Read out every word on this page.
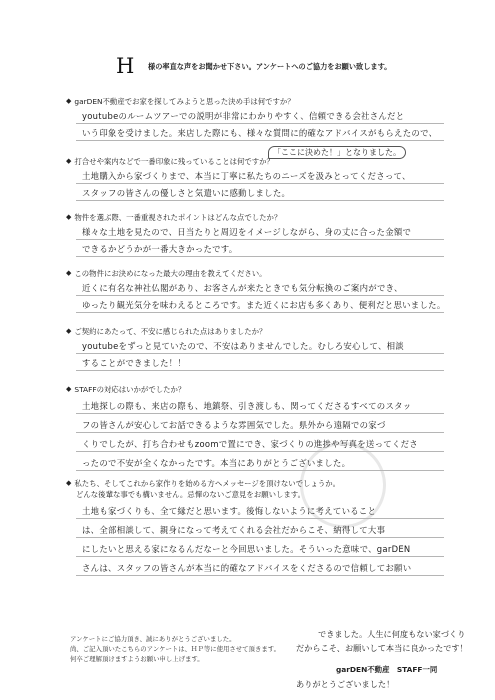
H 様の率直な声をお聞かせ下さい。アンケートへのご協力をお願い致します。
◆ garDEN不動産でお家を探してみようと思った決め手は何ですか？
youtubeのルームツアーでの説明が非常にわかりやすく、信頼できる会社さんだと
いう印象を受けました。来店した際にも、様々な質問に的確なアドバイスがもらえたので、
「ここに決めた！」となりました。
◆ 打合せや案内などで一番印象に残っていることは何ですか？
土地購入から家づくりまで、本当に丁寧に私たちのニーズを汲みとってくださって、
スタッフの皆さんの優しさと気遣いに感動しました。
◆ 物件を選ぶ際、一番重視されたポイントはどんな点でしたか？
様々な土地を見たので、日当たりと周辺をイメージしながら、身の丈に合った金額で
できるかどうかが一番大きかったです。
◆ この物件にお決めになった最大の理由を教えてください。
近くに有名な神社仏閣があり、お客さんが来たときでも気分転換のご案内ができ、
ゆったり観光気分を味わえるところです。また近くにお店も多くあり、便利だと思いました。
◆ ご契約にあたって、不安に感じられた点はありましたか？
youtubeをずっと見ていたので、不安はありませんでした。むしろ安心して、相談
することができました！！
◆ STAFFの対応はいかがでしたか？
土地探しの際も、来店の際も、地鎮祭、引き渡しも、関ってくださるすべてのスタッ
フの皆さんが安心してお話できるような雰囲気でした。県外から遠隔での家づ
くりでしたが、打ち合わせもzoomで置にでき、家づくりの進捗や写真を送ってくださ
ったので不安が全くなかったです。本当にありがとうございました。
◆ 私たち、そしてこれから家作りを始める方へメッセージを頂けないでしょうか。
どんな後輩な事でも構いません。忌憚のないご意見をお願いします。
土地も家づくりも、全て縁だと思います。後悔しないように考えていること
は、全部相談して、親身になって考えてくれる会社だからこそ、納得して大事
にしたいと思える家になるんだなーと今回思いました。そういった意味で、garDEN
さんは、スタッフの皆さんが本当に的確なアドバイスをくださるので信頼してお願い
できました。人生に何度もない家づくり
だからこそ、お願いして本当に良かったです！
ありがとうございました！
アンケートにご協力頂き、誠にありがとうございました。
尚、ご記入頂いたこちらのアンケートは、ＨＰ等に使用させて頂きます。
何卒ご理解頂けますようお願い申し上げます。
garDEN不動産　STAFF一同
